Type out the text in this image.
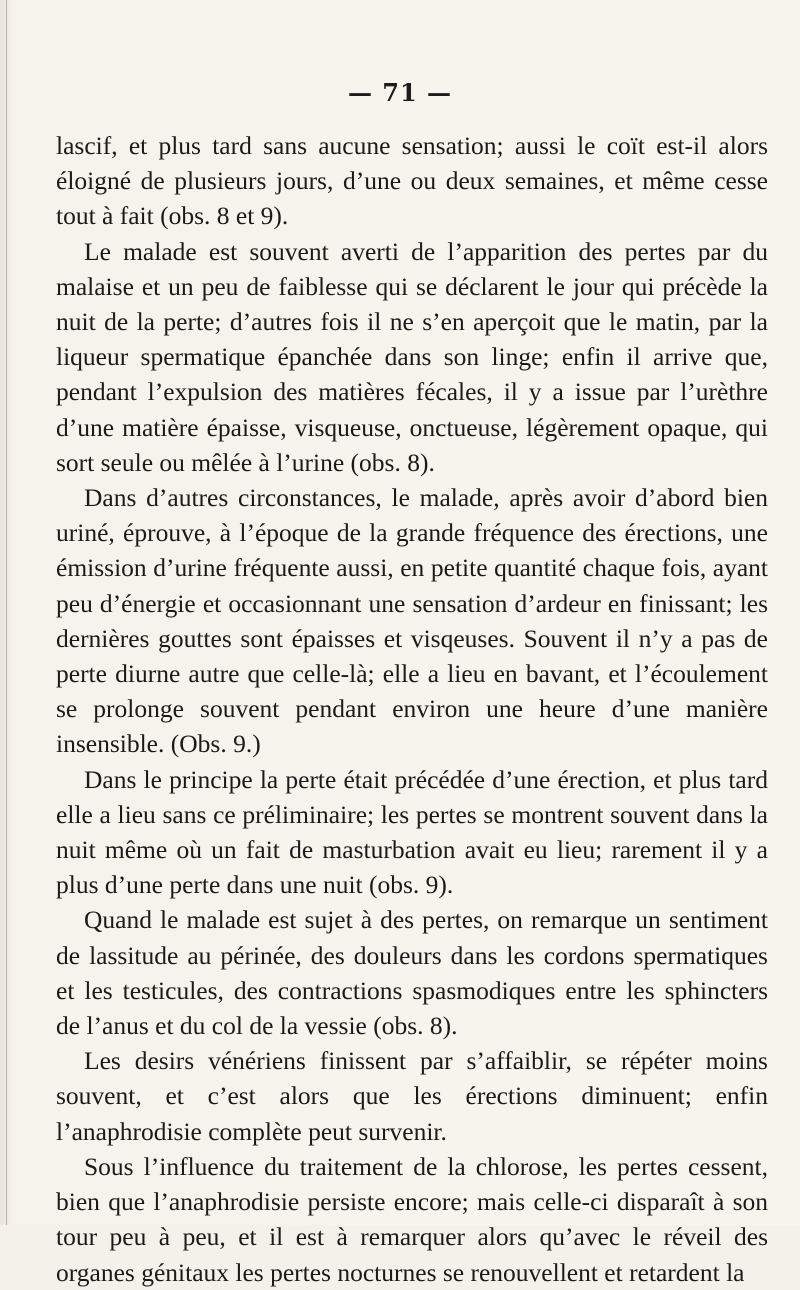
— 71 —

lascif, et plus tard sans aucune sensation; aussi le coït est-il alors éloigné de plusieurs jours, d’une ou deux semaines, et même cesse tout à fait (obs. 8 et 9).

Le malade est souvent averti de l’apparition des pertes par du malaise et un peu de faiblesse qui se déclarent le jour qui précède la nuit de la perte; d’autres fois il ne s’en aperçoit que le matin, par la liqueur spermatique épanchée dans son linge; enfin il arrive que, pendant l’expulsion des matières fécales, il y a issue par l’urèthre d’une matière épaisse, visqueuse, onctueuse, légèrement opaque, qui sort seule ou mêlée à l’urine (obs. 8).

Dans d’autres circonstances, le malade, après avoir d’abord bien uriné, éprouve, à l’époque de la grande fréquence des érections, une émission d’urine fréquente aussi, en petite quantité chaque fois, ayant peu d’énergie et occasionnant une sensation d’ardeur en finissant; les dernières gouttes sont épaisses et visqeuses. Souvent il n’y a pas de perte diurne autre que celle-là; elle a lieu en bavant, et l’écoulement se prolonge souvent pendant environ une heure d’une manière insensible. (Obs. 9.)

Dans le principe la perte était précédée d’une érection, et plus tard elle a lieu sans ce préliminaire; les pertes se montrent souvent dans la nuit même où un fait de masturbation avait eu lieu; rarement il y a plus d’une perte dans une nuit (obs. 9).

Quand le malade est sujet à des pertes, on remarque un sentiment de lassitude au périnée, des douleurs dans les cordons spermatiques et les testicules, des contractions spasmodiques entre les sphincters de l’anus et du col de la vessie (obs. 8).

Les desirs vénériens finissent par s’affaiblir, se répéter moins souvent, et c’est alors que les érections diminuent; enfin l’anaphrodisie complète peut survenir.

Sous l’influence du traitement de la chlorose, les pertes cessent, bien que l’anaphrodisie persiste encore; mais celle-ci disparaît à son tour peu à peu, et il est à remarquer alors qu’avec le réveil des organes génitaux les pertes nocturnes se renouvellent et retardent la
